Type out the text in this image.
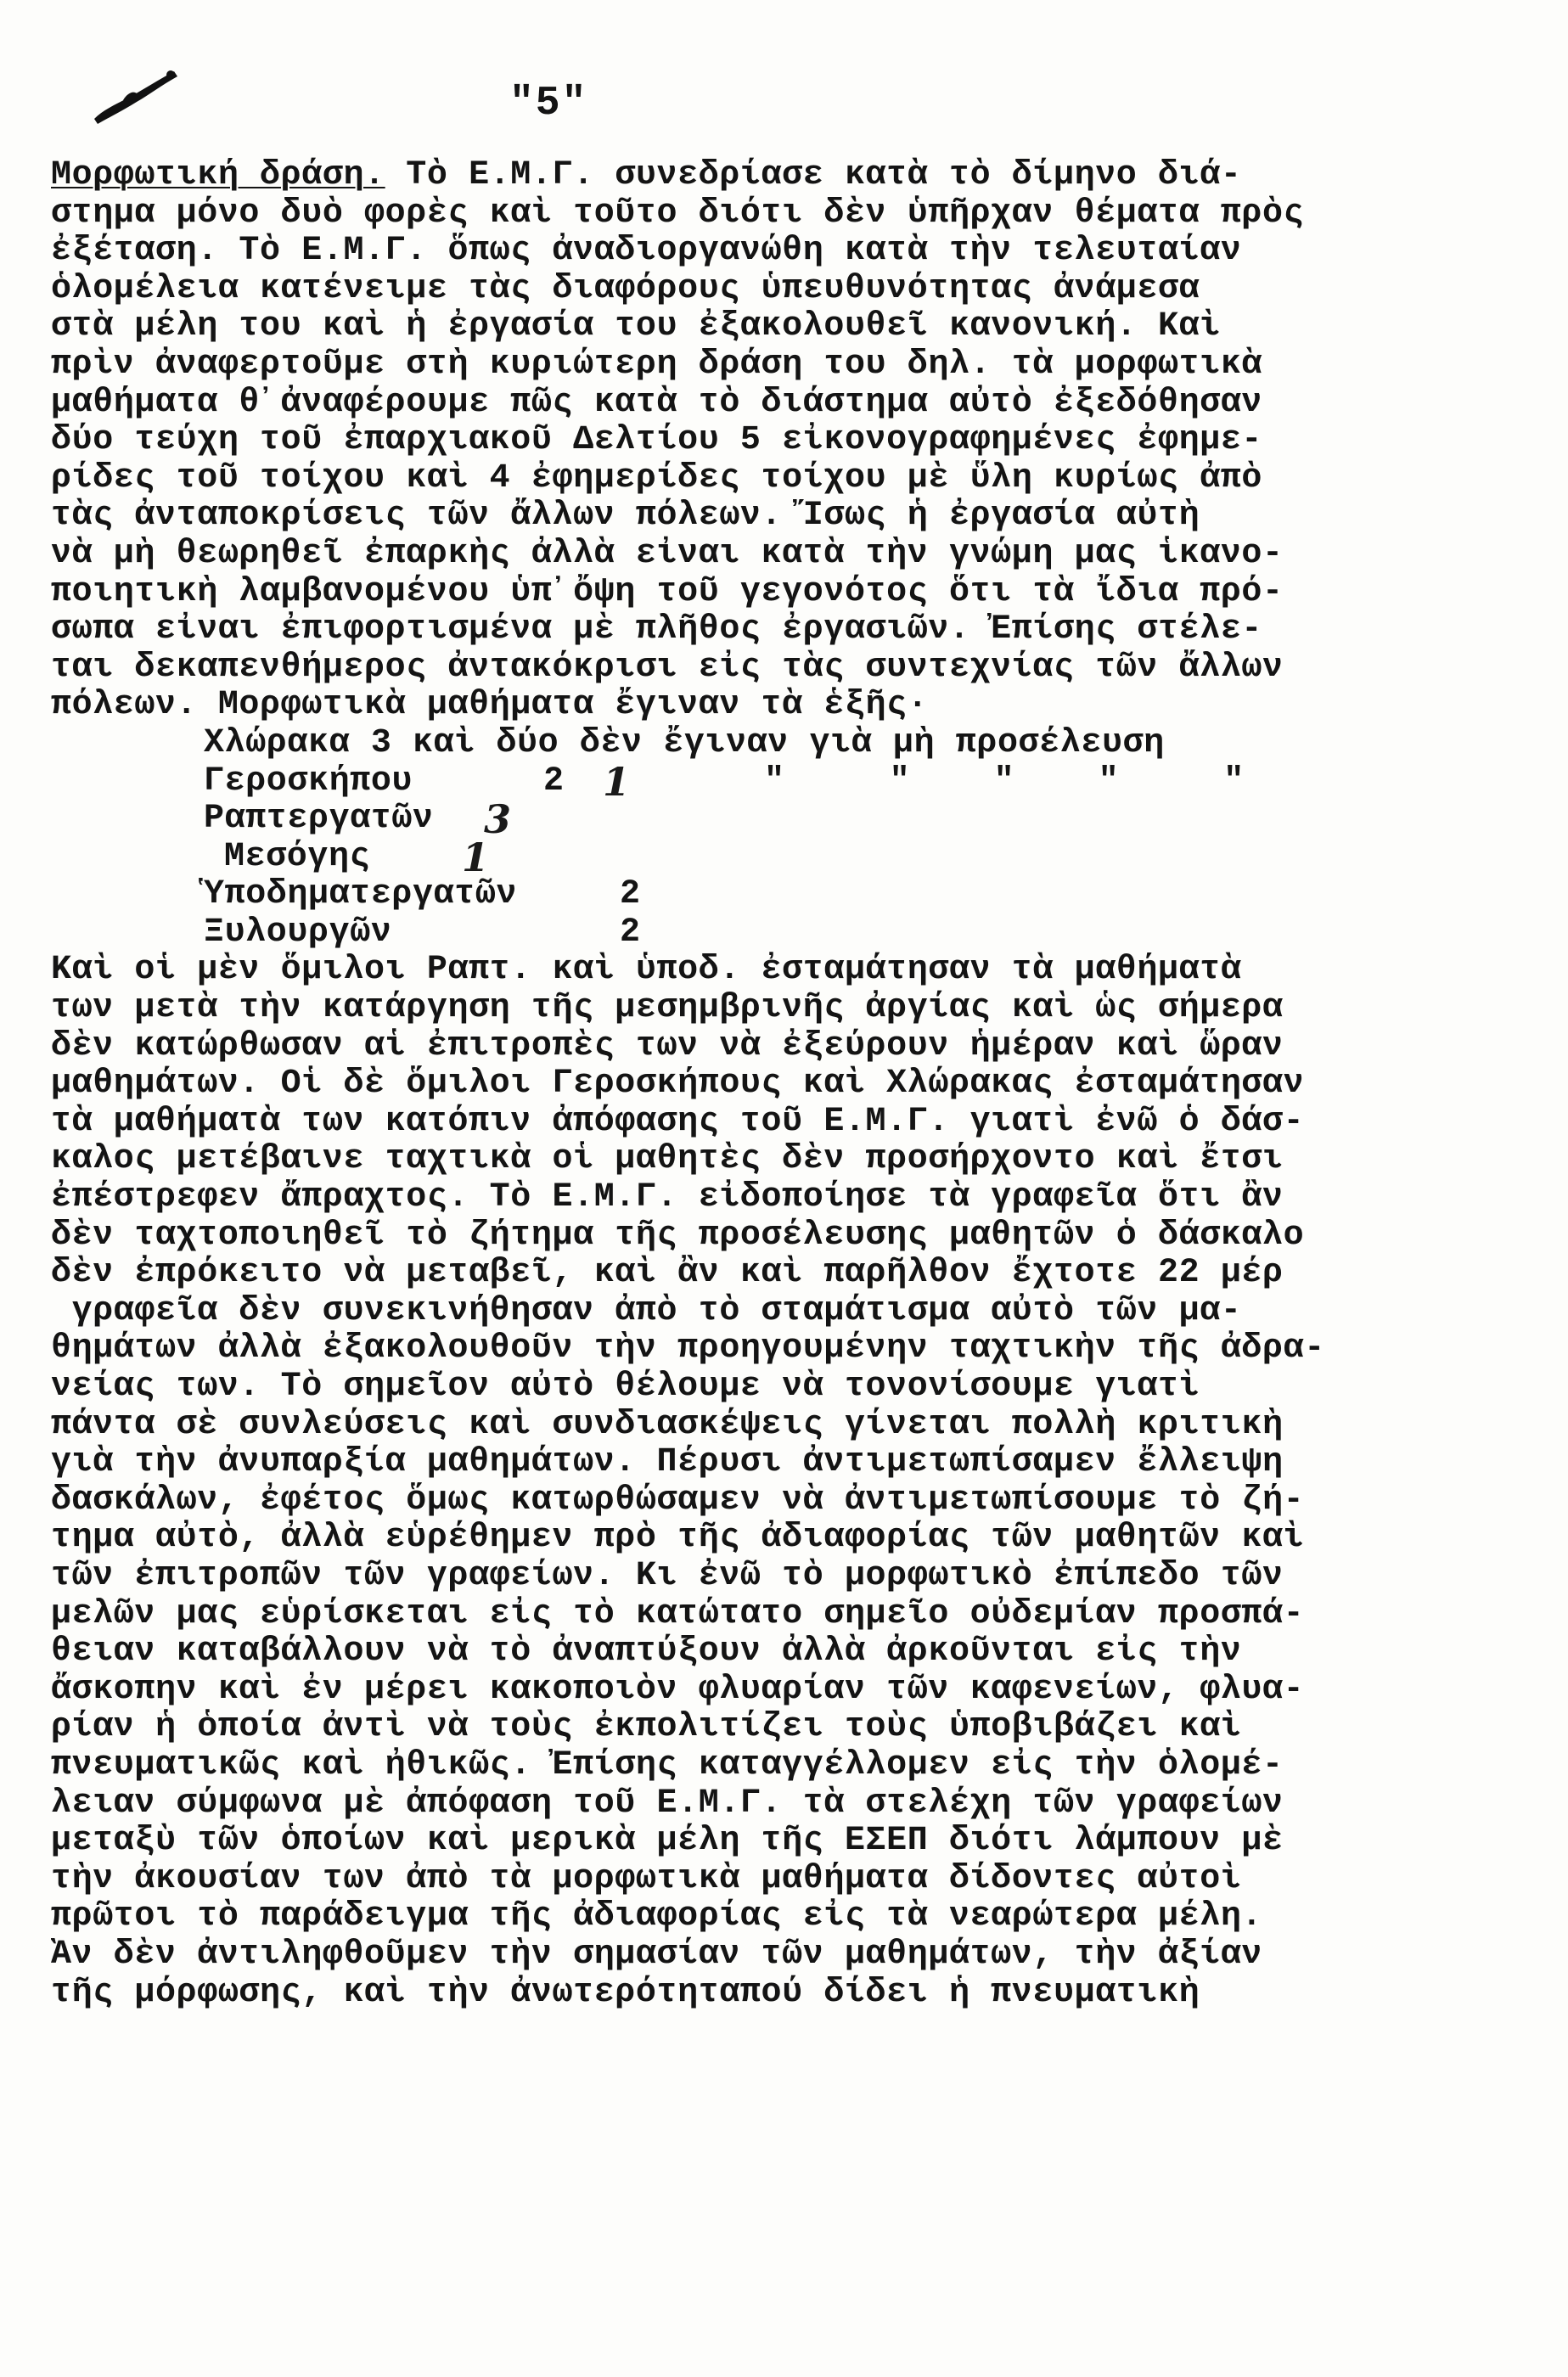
"5"
Μορφωτική δράση. Τὸ Ε.Μ.Γ. συνεδρίασε κατὰ τὸ δίμηνο διά-
στημα μόνο δυὸ φορὲς καὶ τοῦτο διότι δὲν ὑπῆρχαν θέματα πρὸς
ἐξέταση. Τὸ Ε.Μ.Γ. ὅπως ἀναδιοργανώθη κατὰ τὴν τελευταίαν
ὁλομέλεια κατένειμε τὰς διαφόρους ὑπευθυνότητας ἀνάμεσα
στὰ μέλη του καὶ ἡ ἐργασία του ἐξακολουθεῖ κανονική. Καὶ
πρὶν ἀναφερτοῦμε στὴ κυριώτερη δράση του δηλ. τὰ μορφωτικὰ
μαθήματα θ᾽ἀναφέρουμε πῶς κατὰ τὸ διάστημα αὐτὸ ἐξεδόθησαν
δύο τεύχη τοῦ ἐπαρχιακοῦ Δελτίου 5 εἰκονογραφημένες ἐφημε-
ρίδες τοῦ τοίχου καὶ 4 ἐφημερίδες τοίχου μὲ ὕλη κυρίως ἀπὸ
τὰς ἀνταποκρίσεις τῶν ἄλλων πόλεων. Ἴσως ἡ ἐργασία αὐτὴ
νὰ μὴ θεωρηθεῖ ἐπαρκὴς ἀλλὰ εἶναι κατὰ τὴν γνώμη μας ἱκανο-
ποιητικὴ λαμβανομένου ὑπ᾽ὄψη τοῦ γεγονότος ὅτι τὰ ἴδια πρό-
σωπα εἶναι ἐπιφορτισμένα μὲ πλῆθος ἐργασιῶν. Ἐπίσης στέλε-
ται δεκαπενθήμερος ἀντακόκρισι εἰς τὰς συντεχνίας τῶν ἄλλων
πόλεων. Μορφωτικὰ μαθήματα ἔγιναν τὰ ἑξῆς·
Χλώρακα 3 καὶ δύο δὲν ἔγιναν γιὰ μὴ προσέλευση
Γεροσκήπου	2 1	"     "    "    "     "
Ραπτεργατῶν	3
Μεσόγης	1
Ὑποδηματεργατῶν	2
Ξυλουργῶν	2
Καὶ οἱ μὲν ὅμιλοι Ραπτ. καὶ ὑποδ. ἐσταμάτησαν τὰ μαθήματὰ
των μετὰ τὴν κατάργηση τῆς μεσημβρινῆς ἀργίας καὶ ὡς σήμερα
δὲν κατώρθωσαν αἱ ἐπιτροπὲς των νὰ ἐξεύρουν ἡμέραν καὶ ὥραν
μαθημάτων. Οἱ δὲ ὅμιλοι Γεροσκήπους καὶ Χλώρακας ἐσταμάτησαν
τὰ μαθήματὰ των κατόπιν ἀπόφασης τοῦ Ε.Μ.Γ. γιατὶ ἐνῶ ὁ δάσ-
καλος μετέβαινε ταχτικὰ οἱ μαθητὲς δὲν προσήρχοντο καὶ ἔτσι
ἐπέστρεφεν ἄπραχτος. Τὸ Ε.Μ.Γ. εἰδοποίησε τὰ γραφεῖα ὅτι ἂν
δὲν ταχτοποιηθεῖ τὸ ζήτημα τῆς προσέλευσης μαθητῶν ὁ δάσκαλο
δὲν ἐπρόκειτο νὰ μεταβεῖ, καὶ ἂν καὶ παρῆλθον ἔχτοτε 22 μέρ
γραφεῖα δὲν συνεκινήθησαν ἀπὸ τὸ σταμάτισμα αὐτὸ τῶν μα-
θημάτων ἀλλὰ ἐξακολουθοῦν τὴν προηγουμένην ταχτικὴν τῆς ἀδρα-
νείας των. Τὸ σημεῖον αὐτὸ θέλουμε νὰ τονονίσουμε γιατὶ
πάντα σὲ συνλεύσεις καὶ συνδιασκέψεις γίνεται πολλὴ κριτικὴ
γιὰ τὴν ἀνυπαρξία μαθημάτων. Πέρυσι ἀντιμετωπίσαμεν ἔλλειψη
δασκάλων, ἐφέτος ὅμως κατωρθώσαμεν νὰ ἀντιμετωπίσουμε τὸ ζή-
τημα αὐτὸ, ἀλλὰ εὑρέθημεν πρὸ τῆς ἀδιαφορίας τῶν μαθητῶν καὶ
τῶν ἐπιτροπῶν τῶν γραφείων. Κι ἐνῶ τὸ μορφωτικὸ ἐπίπεδο τῶν
μελῶν μας εὑρίσκεται εἰς τὸ κατώτατο σημεῖο οὐδεμίαν προσπά-
θειαν καταβάλλουν νὰ τὸ ἀναπτύξουν ἀλλὰ ἀρκοῦνται εἰς τὴν
ἄσκοπην καὶ ἐν μέρει κακοποιὸν φλυαρίαν τῶν καφενείων, φλυα-
ρίαν ἡ ὁποία ἀντὶ νὰ τοὺς ἐκπολιτίζει τοὺς ὑποβιβάζει καὶ
πνευματικῶς καὶ ἠθικῶς. Ἐπίσης καταγγέλλομεν εἰς τὴν ὁλομέ-
λειαν σύμφωνα μὲ ἀπόφαση τοῦ Ε.Μ.Γ. τὰ στελέχη τῶν γραφείων
μεταξὺ τῶν ὁποίων καὶ μερικὰ μέλη τῆς ΕΣΕΠ διότι λάμπουν μὲ
τὴν ἀκουσίαν των ἀπὸ τὰ μορφωτικὰ μαθήματα δίδοντες αὐτοὶ
πρῶτοι τὸ παράδειγμα τῆς ἀδιαφορίας εἰς τὰ νεαρώτερα μέλη.
Ἂν δὲν ἀντιληφθοῦμεν τὴν σημασίαν τῶν μαθημάτων, τὴν ἀξίαν
τῆς μόρφωσης, καὶ τὴν ἀνωτερότηταπού δίδει ἡ πνευματικὴ
